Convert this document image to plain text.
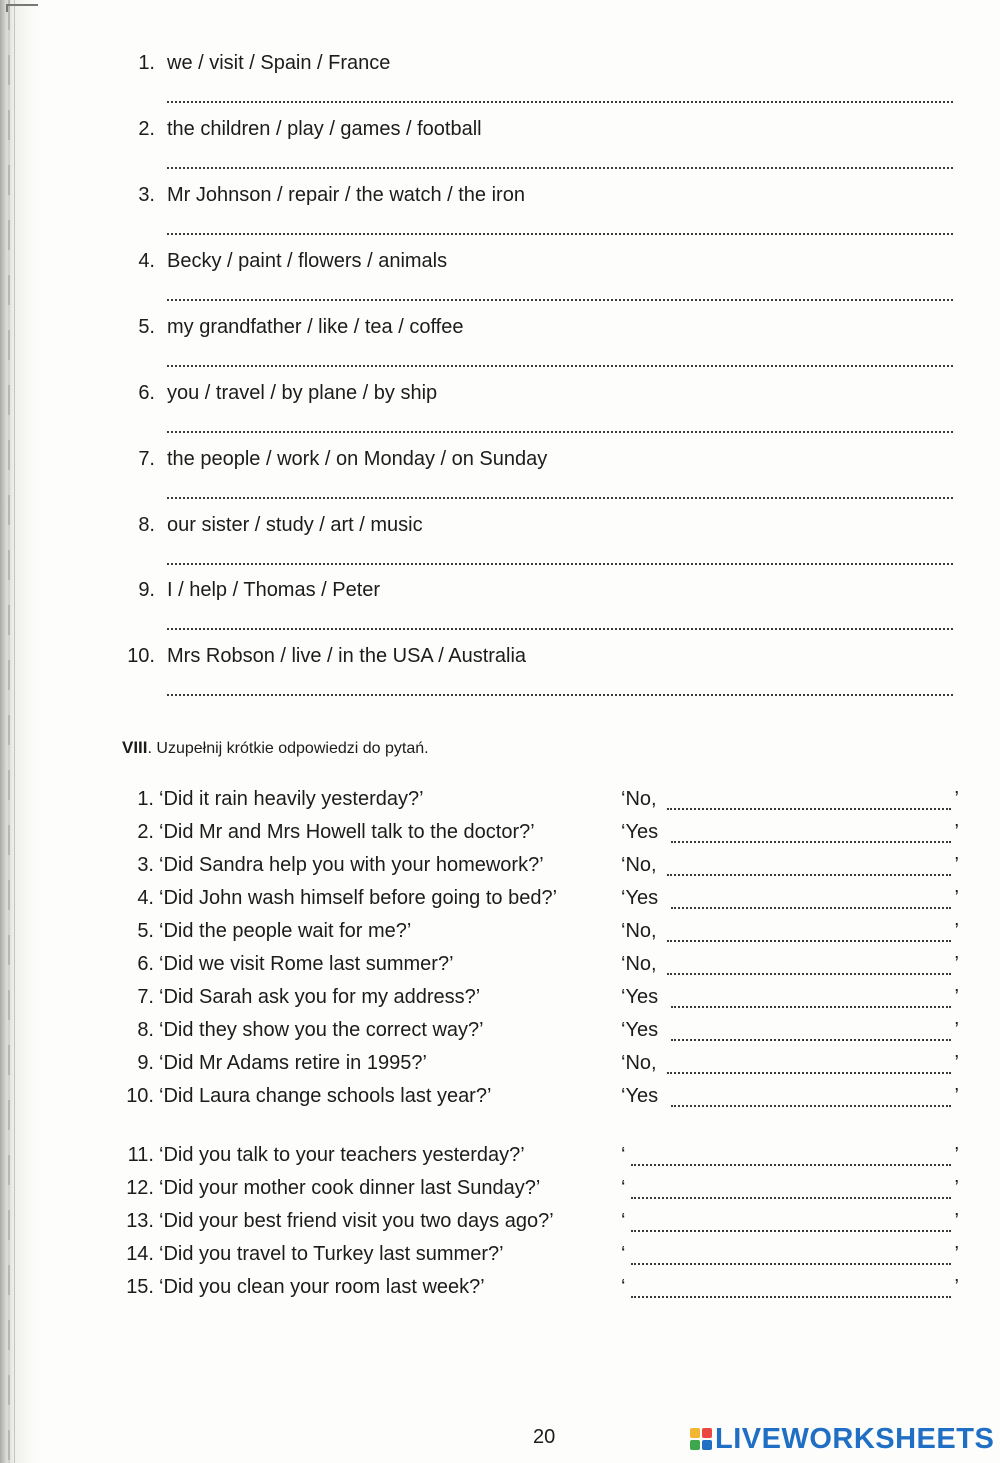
1. we / visit / Spain / France
2. the children / play / games / football
3. Mr Johnson / repair / the watch / the iron
4. Becky / paint / flowers / animals
5. my grandfather / like / tea / coffee
6. you / travel / by plane / by ship
7. the people / work / on Monday / on Sunday
8. our sister / study / art / music
9. I / help / Thomas / Peter
10. Mrs Robson / live / in the USA / Australia
VIII. Uzupełnij krótkie odpowiedzi do pytań.
1. ‘Did it rain heavily yesterday?’	‘No,	’
2. ‘Did Mr and Mrs Howell talk to the doctor?’	‘Yes	’
3. ‘Did Sandra help you with your homework?’	‘No,	’
4. ‘Did John wash himself before going to bed?’	‘Yes	’
5. ‘Did the people wait for me?’	‘No,	’
6. ‘Did we visit Rome last summer?’	‘No,	’
7. ‘Did Sarah ask you for my address?’	‘Yes	’
8. ‘Did they show you the correct way?’	‘Yes	’
9. ‘Did Mr Adams retire in 1995?’	‘No,	’
10. ‘Did Laura change schools last year?’	‘Yes	’
11. ‘Did you talk to your teachers yesterday?’	‘	’
12. ‘Did your mother cook dinner last Sunday?’	‘	’
13. ‘Did your best friend visit you two days ago?’	‘	’
14. ‘Did you travel to Turkey last summer?’	‘	’
15. ‘Did you clean your room last week?’	‘	’
20	LIVEWORKSHEETS
